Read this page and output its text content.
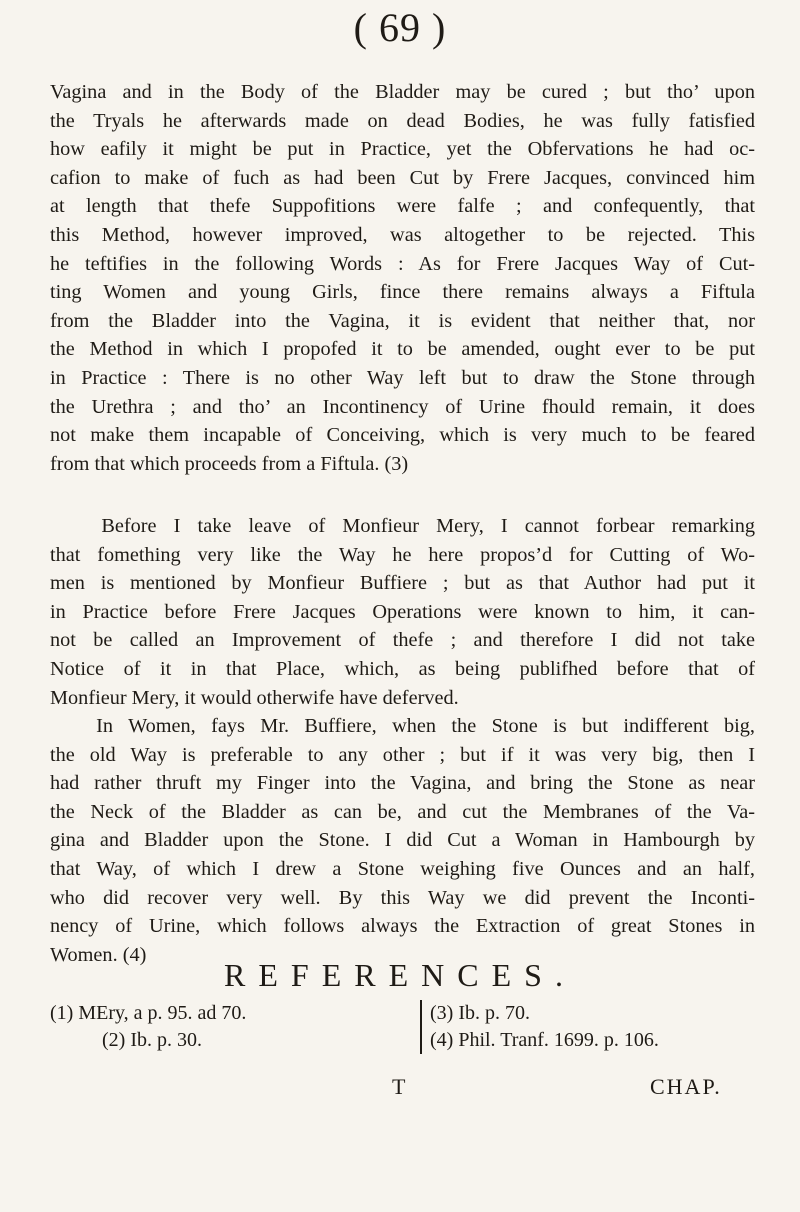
( 69 )

Vagina and in the Body of the Bladder may be cured ; but tho’ upon
the Tryals he afterwards made on dead Bodies, he was fully fatisfied
how eafily it might be put in Practice, yet the Obfervations he had oc-
cafion to make of fuch as had been Cut by Frere Jacques, convinced him
at length that thefe Suppofitions were falfe ; and confequently, that
this Method, however improved, was altogether to be rejected. This
he teftifies in the following Words : As for Frere Jacques Way of Cut-
ting Women and young Girls, fince there remains always a Fiftula
from the Bladder into the Vagina, it is evident that neither that, nor
the Method in which I propofed it to be amended, ought ever to be put
in Practice : There is no other Way left but to draw the Stone through
the Urethra ; and tho’ an Incontinency of Urine fhould remain, it does
not make them incapable of Conceiving, which is very much to be feared
from that which proceeds from a Fiftula. (3)

Before I take leave of Monfieur Mery, I cannot forbear remarking
that fomething very like the Way he here propos’d for Cutting of Wo-
men is mentioned by Monfieur Buffiere ; but as that Author had put it
in Practice before Frere Jacques Operations were known to him, it can-
not be called an Improvement of thefe ; and therefore I did not take
Notice of it in that Place, which, as being publifhed before that of
Monfieur Mery, it would otherwife have deferved.

In Women, fays Mr. Buffiere, when the Stone is but indifferent big,
the old Way is preferable to any other ; but if it was very big, then I
had rather thruft my Finger into the Vagina, and bring the Stone as near
the Neck of the Bladder as can be, and cut the Membranes of the Va-
gina and Bladder upon the Stone. I did Cut a Woman in Hambourgh by
that Way, of which I drew a Stone weighing five Ounces and an half,
who did recover very well. By this Way we did prevent the Inconti-
nency of Urine, which follows always the Extraction of great Stones in
Women. (4)

REFERENCES.
(1) MEry, a p. 95. ad 70.
(2) Ib. p. 30.
(3) Ib. p. 70.
(4) Phil. Tranf. 1699. p. 106.
T	CHAP.
